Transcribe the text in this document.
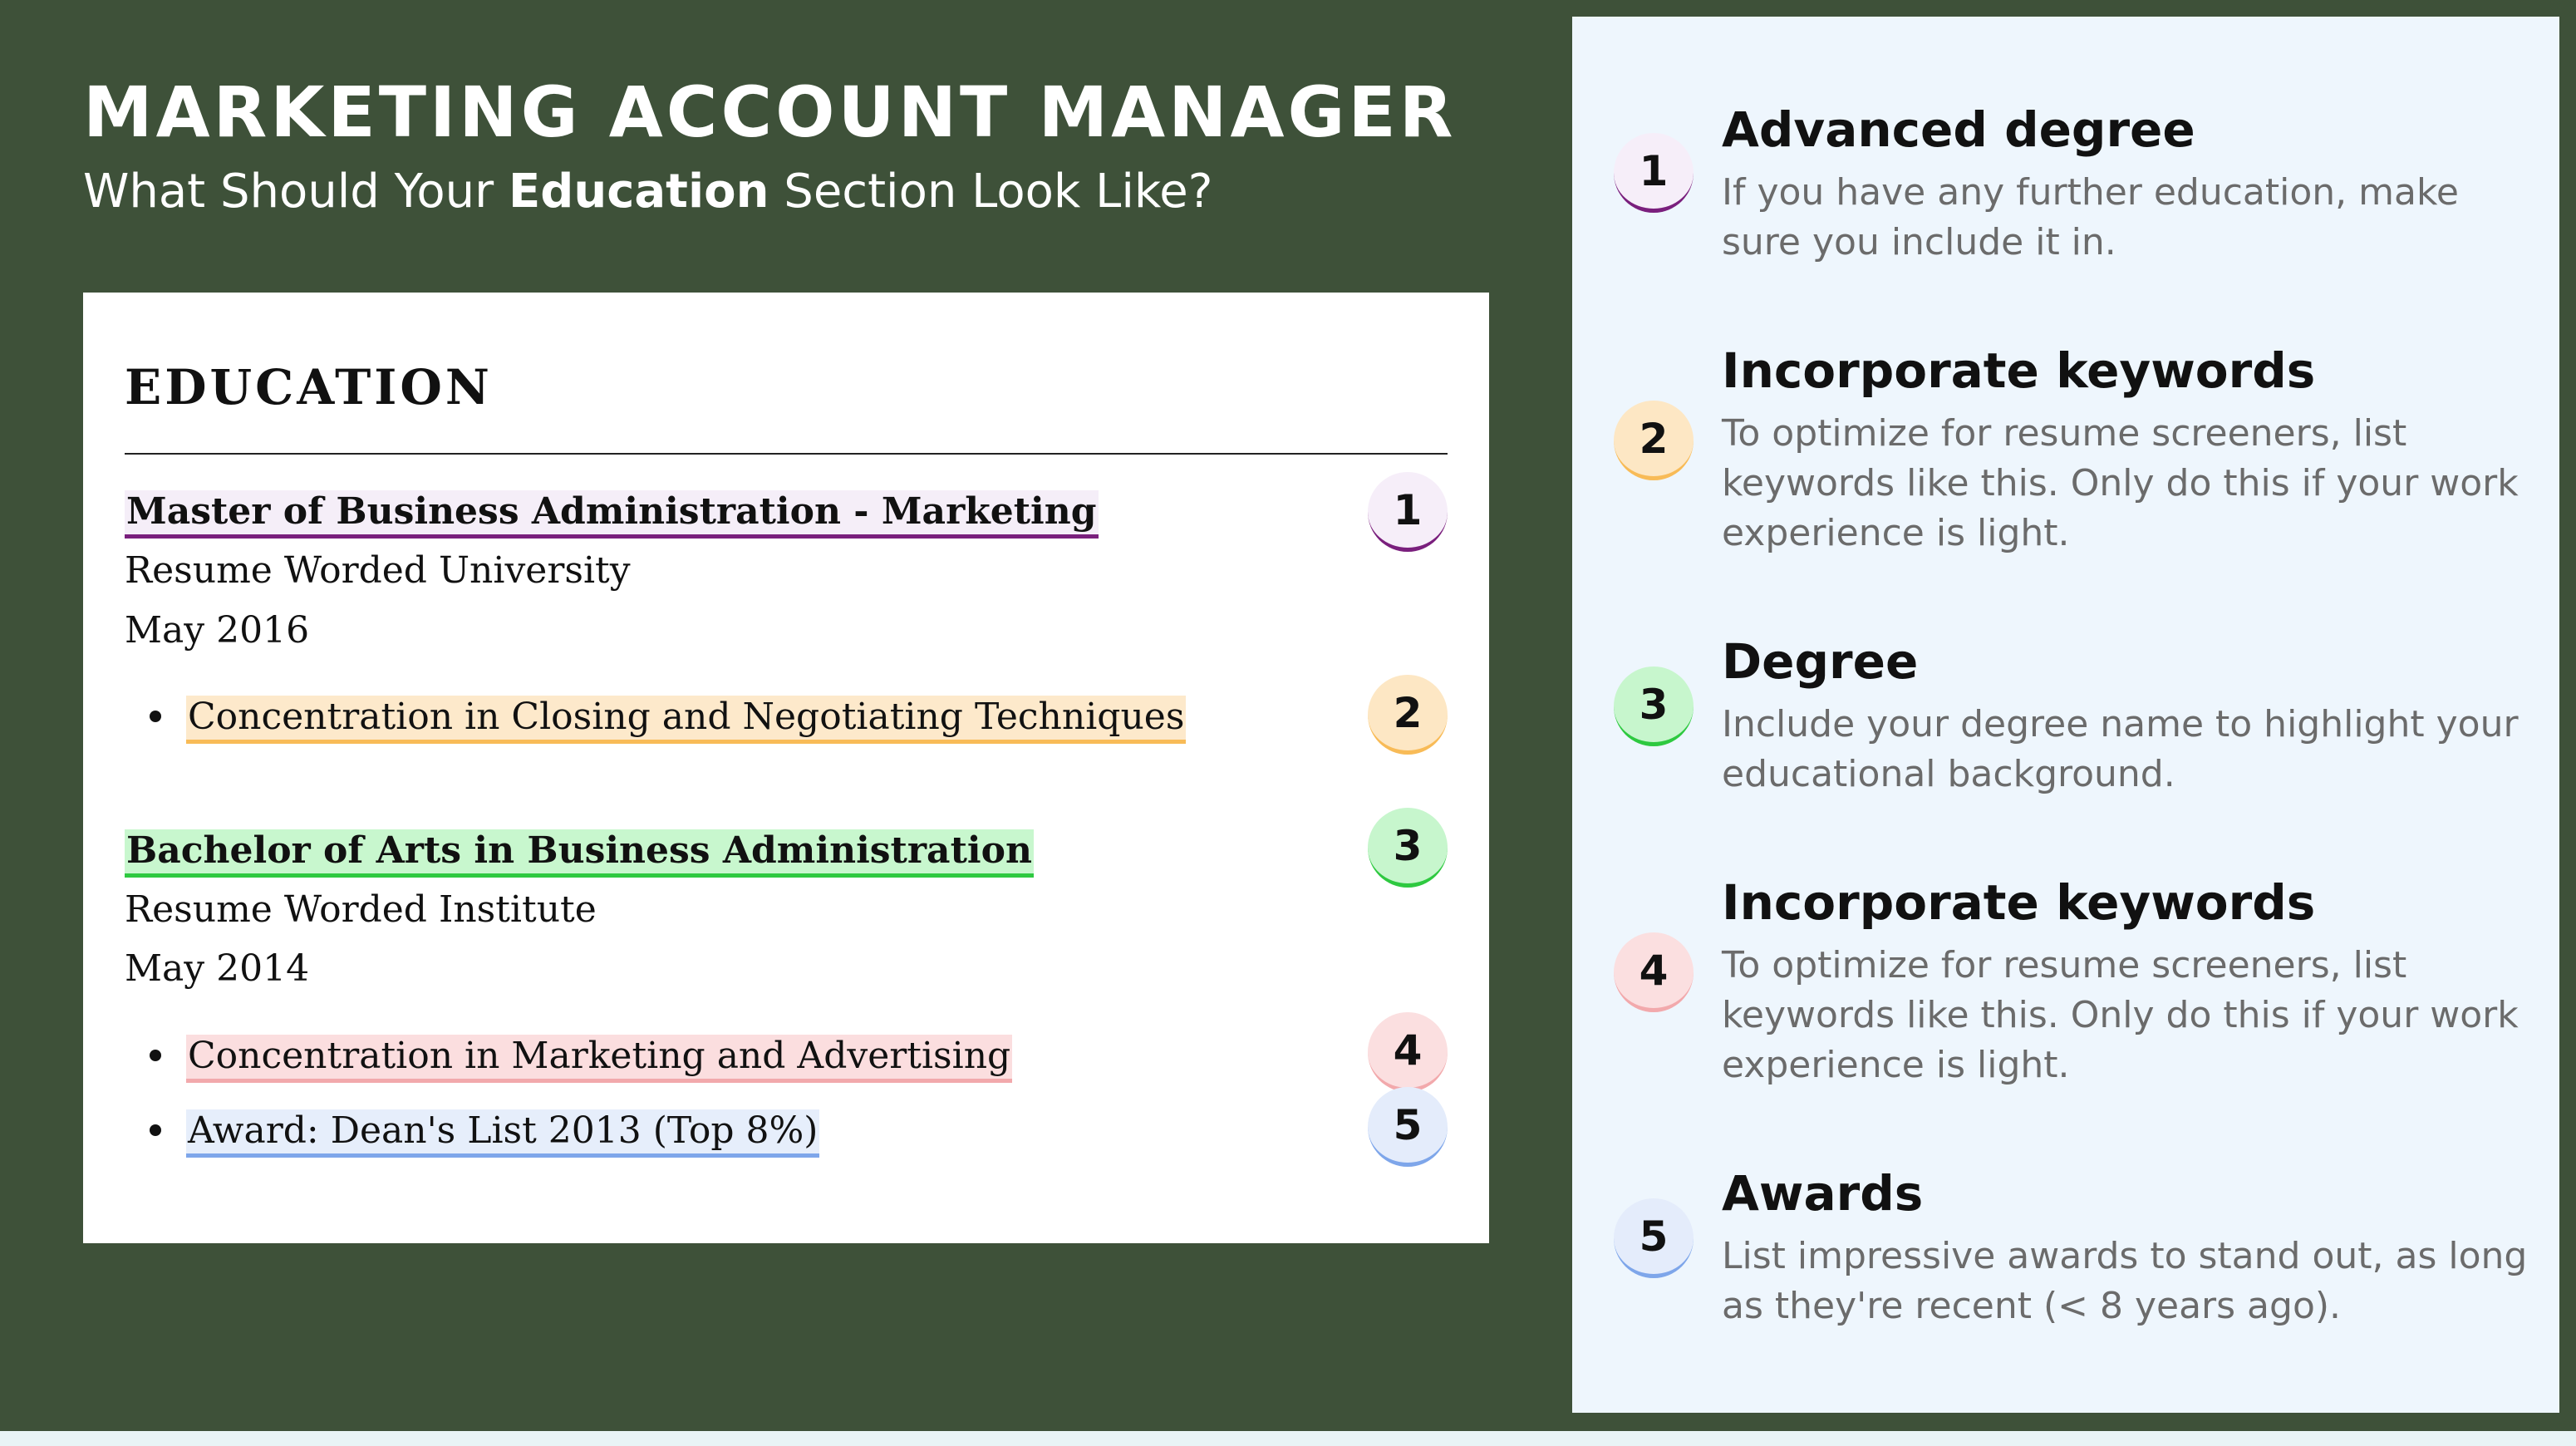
MARKETING ACCOUNT MANAGER
What Should Your Education Section Look Like?
EDUCATION
Master of Business Administration - Marketing
Resume Worded University
May 2016
Concentration in Closing and Negotiating Techniques
Bachelor of Arts in Business Administration
Resume Worded Institute
May 2014
Concentration in Marketing and Advertising
Award: Dean's List 2013 (Top 8%)
1
2
3
4
5
1
Advanced degree
If you have any further education, make sure you include it in.
2
Incorporate keywords
To optimize for resume screeners, list keywords like this. Only do this if your work experience is light.
3
Degree
Include your degree name to highlight your educational background.
4
Incorporate keywords
To optimize for resume screeners, list keywords like this. Only do this if your work experience is light.
5
Awards
List impressive awards to stand out, as long as they're recent (< 8 years ago).
